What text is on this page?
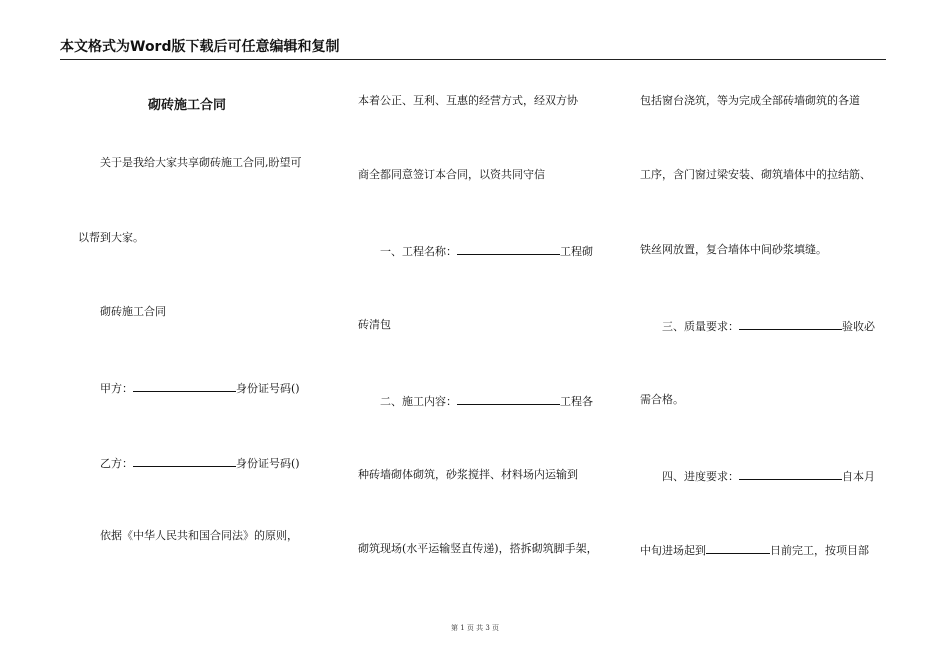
本文格式为Word版下载后可任意编辑和复制
砌砖施工合同
关于是我给大家共享砌砖施工合同,盼望可
以帮到大家。
砌砖施工合同
甲方：	身份证号码()
乙方：	身份证号码()
依据《中华人民共和国合同法》的原则，
本着公正、互利、互惠的经营方式，经双方协
商全都同意签订本合同，以资共同守信
一、工程名称：	工程砌
砖清包
二、施工内容：	工程各
种砖墙砌体砌筑，砂浆搅拌、材料场内运输到
砌筑现场(水平运输竖直传递)，搭拆砌筑脚手架，
包括窗台浇筑，等为完成全部砖墙砌筑的各道
工序，含门窗过梁安装、砌筑墙体中的拉结筋、
铁丝网放置，复合墙体中间砂浆填缝。
三、质量要求：	验收必
需合格。
四、进度要求：	自本月
中旬进场起到	日前完工，按项目部
第 1 页 共 3 页
